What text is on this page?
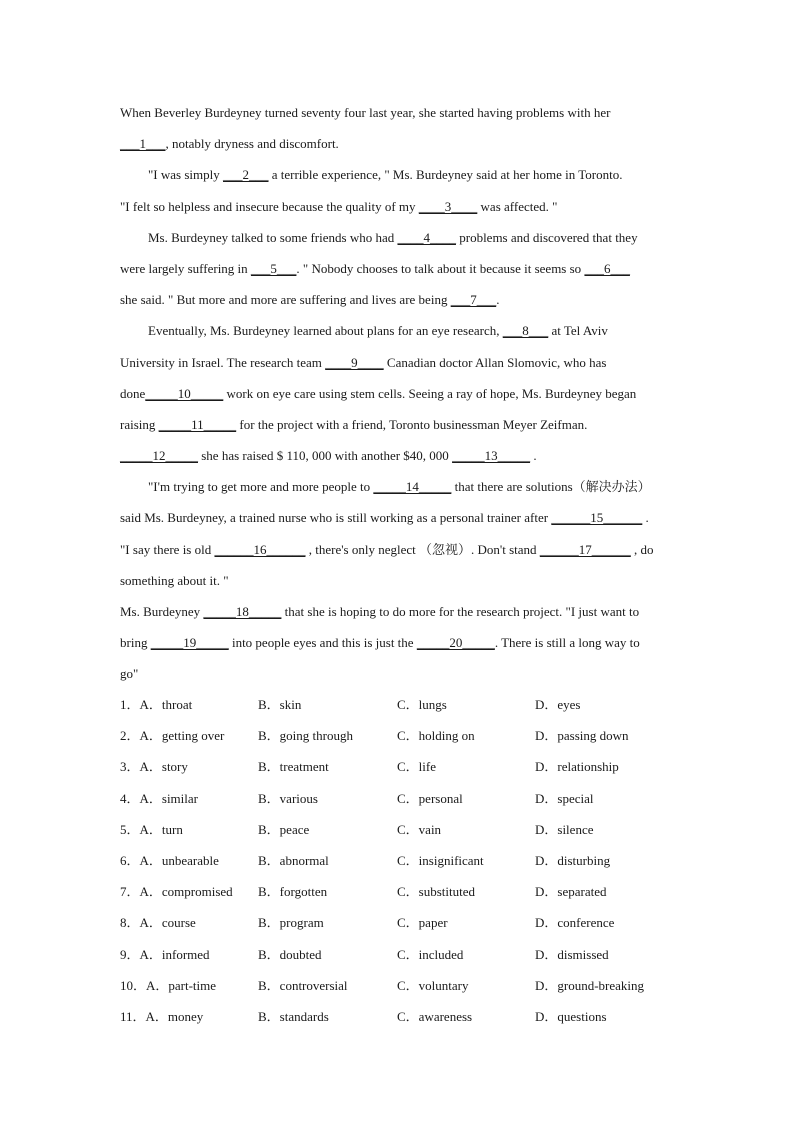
When Beverley Burdeyney turned seventy four last year, she started having problems with her
___1___, notably dryness and discomfort.
"I was simply ___2___ a terrible experience, " Ms. Burdeyney said at her home in Toronto.
"I felt so helpless and insecure because the quality of my ____3____ was affected. "
Ms. Burdeyney talked to some friends who had ____4____ problems and discovered that they
were largely suffering in ___5___. " Nobody chooses to talk about it because it seems so ___6___
she said. " But more and more are suffering and lives are being ___7___.
Eventually, Ms. Burdeyney learned about plans for an eye research, ___8___ at Tel Aviv
University in Israel. The research team ____9____ Canadian doctor Allan Slomovic, who has
done_____10_____ work on eye care using stem cells. Seeing a ray of hope, Ms. Burdeyney began
raising _____11_____ for the project with a friend, Toronto businessman Meyer Zeifman.
_____12_____ she has raised $ 110, 000 with another $40, 000 _____13_____ .
"I'm trying to get more and more people to _____14_____ that there are solutions（解决办法）
said Ms. Burdeyney, a trained nurse who is still working as a personal trainer after ______15______ .
"I say there is old ______16______ , there's only neglect （忽视）. Don't stand ______17______ , do
something about it. "
Ms. Burdeyney _____18_____ that she is hoping to do more for the research project. "I just want to
bring _____19_____ into people eyes and this is just the _____20_____. There is still a long way to
go"
1．A．throat	B．skin	C．lungs	D．eyes
2．A．getting over	B．going through	C．holding on	D．passing down
3．A．story	B．treatment	C．life	D．relationship
4．A．similar	B．various	C．personal	D．special
5．A．turn	B．peace	C．vain	D．silence
6．A．unbearable	B．abnormal	C．insignificant	D．disturbing
7．A．compromised B．forgotten	C．substituted	D．separated
8．A．course	B．program	C．paper	D．conference
9．A．informed	B．doubted	C．included	D．dismissed
10．A．part-time	B．controversial	C．voluntary	D．ground-breaking
11．A．money	B．standards	C．awareness	D．questions
